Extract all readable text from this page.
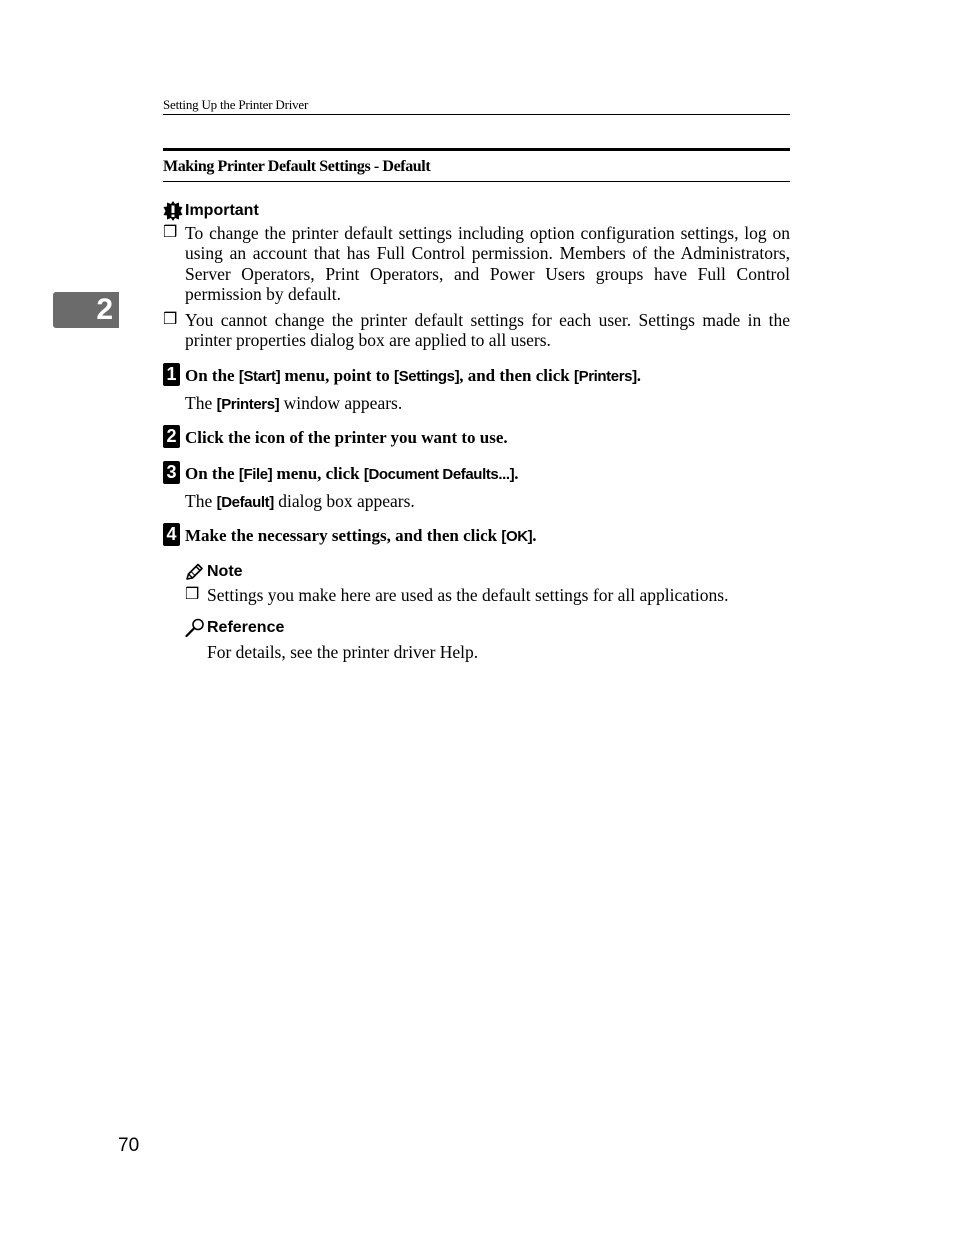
Setting Up the Printer Driver
Making Printer Default Settings - Default
2
Important
❒ To change the printer default settings including option configuration settings, log on using an account that has Full Control permission. Members of the Administrators, Server Operators, Print Operators, and Power Users groups have Full Control permission by default.
❒ You cannot change the printer default settings for each user. Settings made in the printer properties dialog box are applied to all users.
1 On the [Start] menu, point to [Settings], and then click [Printers].
The [Printers] window appears.
2 Click the icon of the printer you want to use.
3 On the [File] menu, click [Document Defaults...].
The [Default] dialog box appears.
4 Make the necessary settings, and then click [OK].
Note
❒ Settings you make here are used as the default settings for all applications.
Reference
For details, see the printer driver Help.
70
